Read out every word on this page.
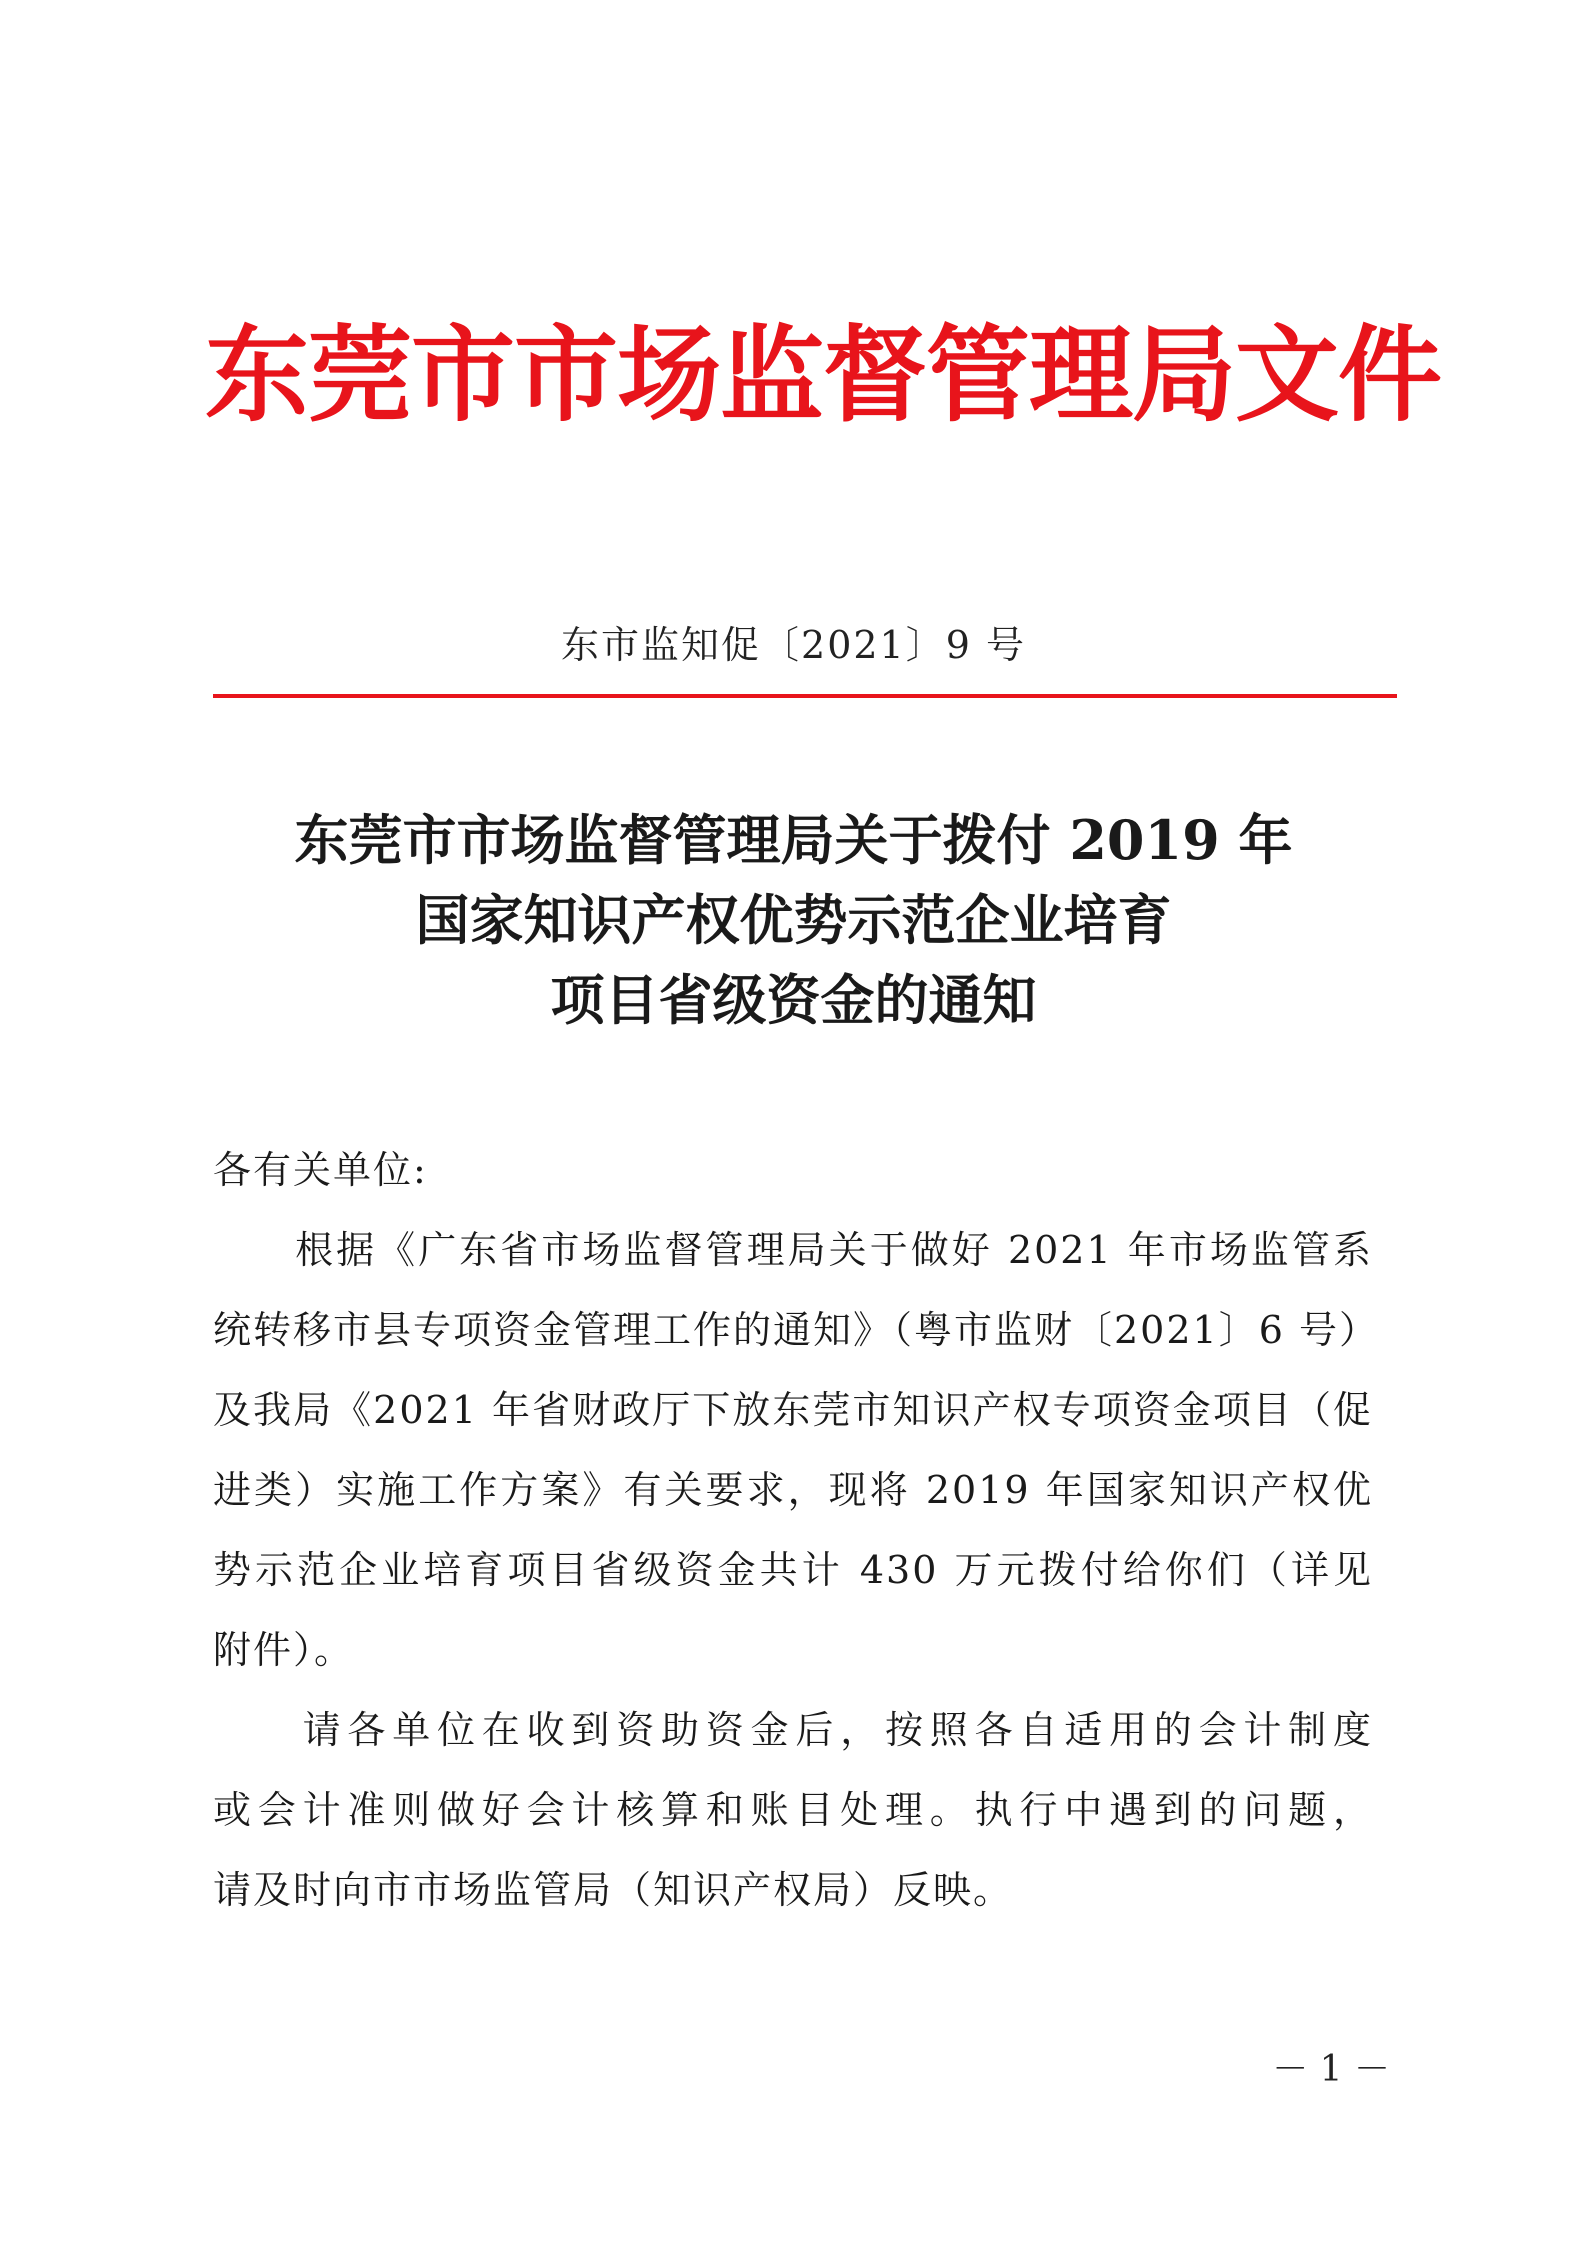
东莞市市场监督管理局文件
东市监知促〔2021〕9 号
东莞市市场监督管理局关于拨付 2019 年
国家知识产权优势示范企业培育
项目省级资金的通知
各有关单位:
　　根据《广东省市场监督管理局关于做好 2021 年市场监管系
统转移市县专项资金管理工作的通知》（粤市监财〔2021〕6 号）
及我局《2021 年省财政厅下放东莞市知识产权专项资金项目（促
进类）实施工作方案》有关要求，现将 2019 年国家知识产权优
势示范企业培育项目省级资金共计 430 万元拨付给你们（详见
附件）。
　　请各单位在收到资助资金后，按照各自适用的会计制度
或会计准则做好会计核算和账目处理。执行中遇到的问题，
请及时向市市场监管局（知识产权局）反映。
－ 1 －
